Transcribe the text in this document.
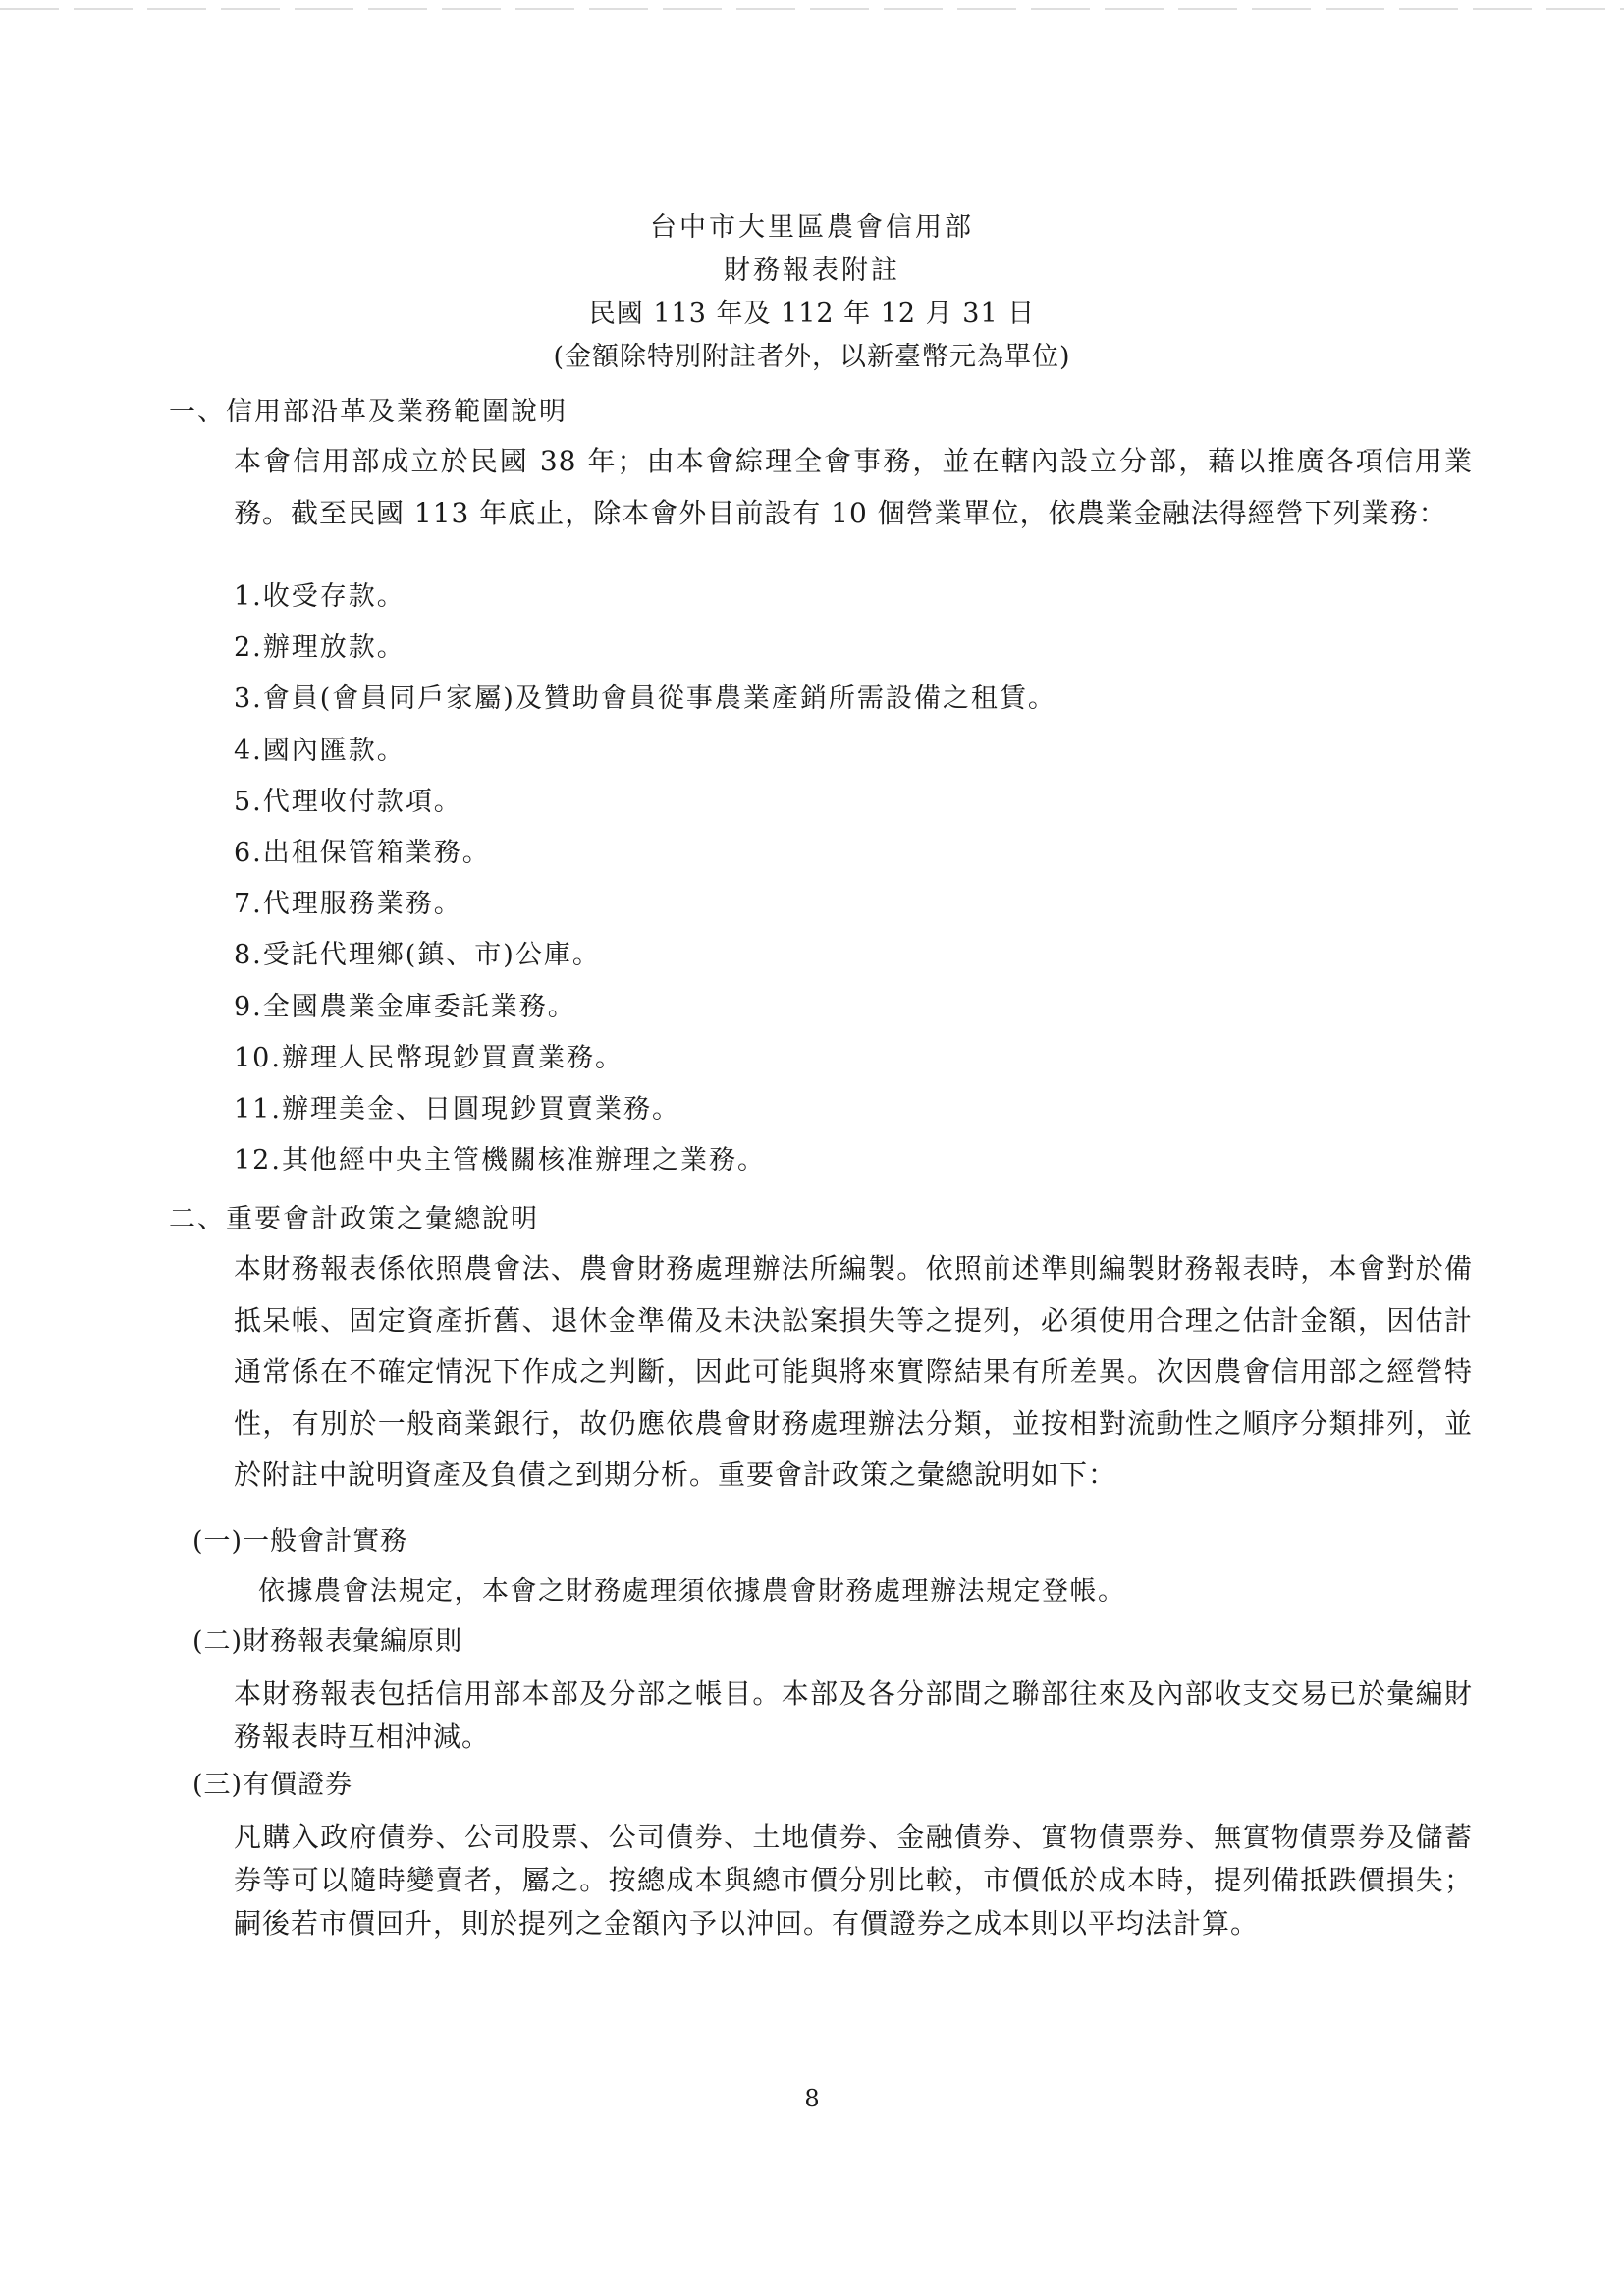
台中市大里區農會信用部
財務報表附註
民國 113 年及 112 年 12 月 31 日
(金額除特別附註者外，以新臺幣元為單位)
一、信用部沿革及業務範圍說明
本會信用部成立於民國 38 年；由本會綜理全會事務，並在轄內設立分部，藉以推廣各項信用業務。截至民國 113 年底止，除本會外目前設有 10 個營業單位，依農業金融法得經營下列業務：
1.收受存款。
2.辦理放款。
3.會員(會員同戶家屬)及贊助會員從事農業產銷所需設備之租賃。
4.國內匯款。
5.代理收付款項。
6.出租保管箱業務。
7.代理服務業務。
8.受託代理鄉(鎮、市)公庫。
9.全國農業金庫委託業務。
10.辦理人民幣現鈔買賣業務。
11.辦理美金、日圓現鈔買賣業務。
12.其他經中央主管機關核准辦理之業務。
二、重要會計政策之彙總說明
本財務報表係依照農會法、農會財務處理辦法所編製。依照前述準則編製財務報表時，本會對於備抵呆帳、固定資產折舊、退休金準備及未決訟案損失等之提列，必須使用合理之估計金額，因估計通常係在不確定情況下作成之判斷，因此可能與將來實際結果有所差異。次因農會信用部之經營特性，有別於一般商業銀行，故仍應依農會財務處理辦法分類，並按相對流動性之順序分類排列，並於附註中說明資產及負債之到期分析。重要會計政策之彙總說明如下：
(一)一般會計實務
依據農會法規定，本會之財務處理須依據農會財務處理辦法規定登帳。
(二)財務報表彙編原則
本財務報表包括信用部本部及分部之帳目。本部及各分部間之聯部往來及內部收支交易已於彙編財務報表時互相沖減。
(三)有價證券
凡購入政府債券、公司股票、公司債券、土地債券、金融債券、實物債票券、無實物債票券及儲蓄券等可以隨時變賣者，屬之。按總成本與總市價分別比較，市價低於成本時，提列備抵跌價損失；嗣後若市價回升，則於提列之金額內予以沖回。有價證券之成本則以平均法計算。
8
